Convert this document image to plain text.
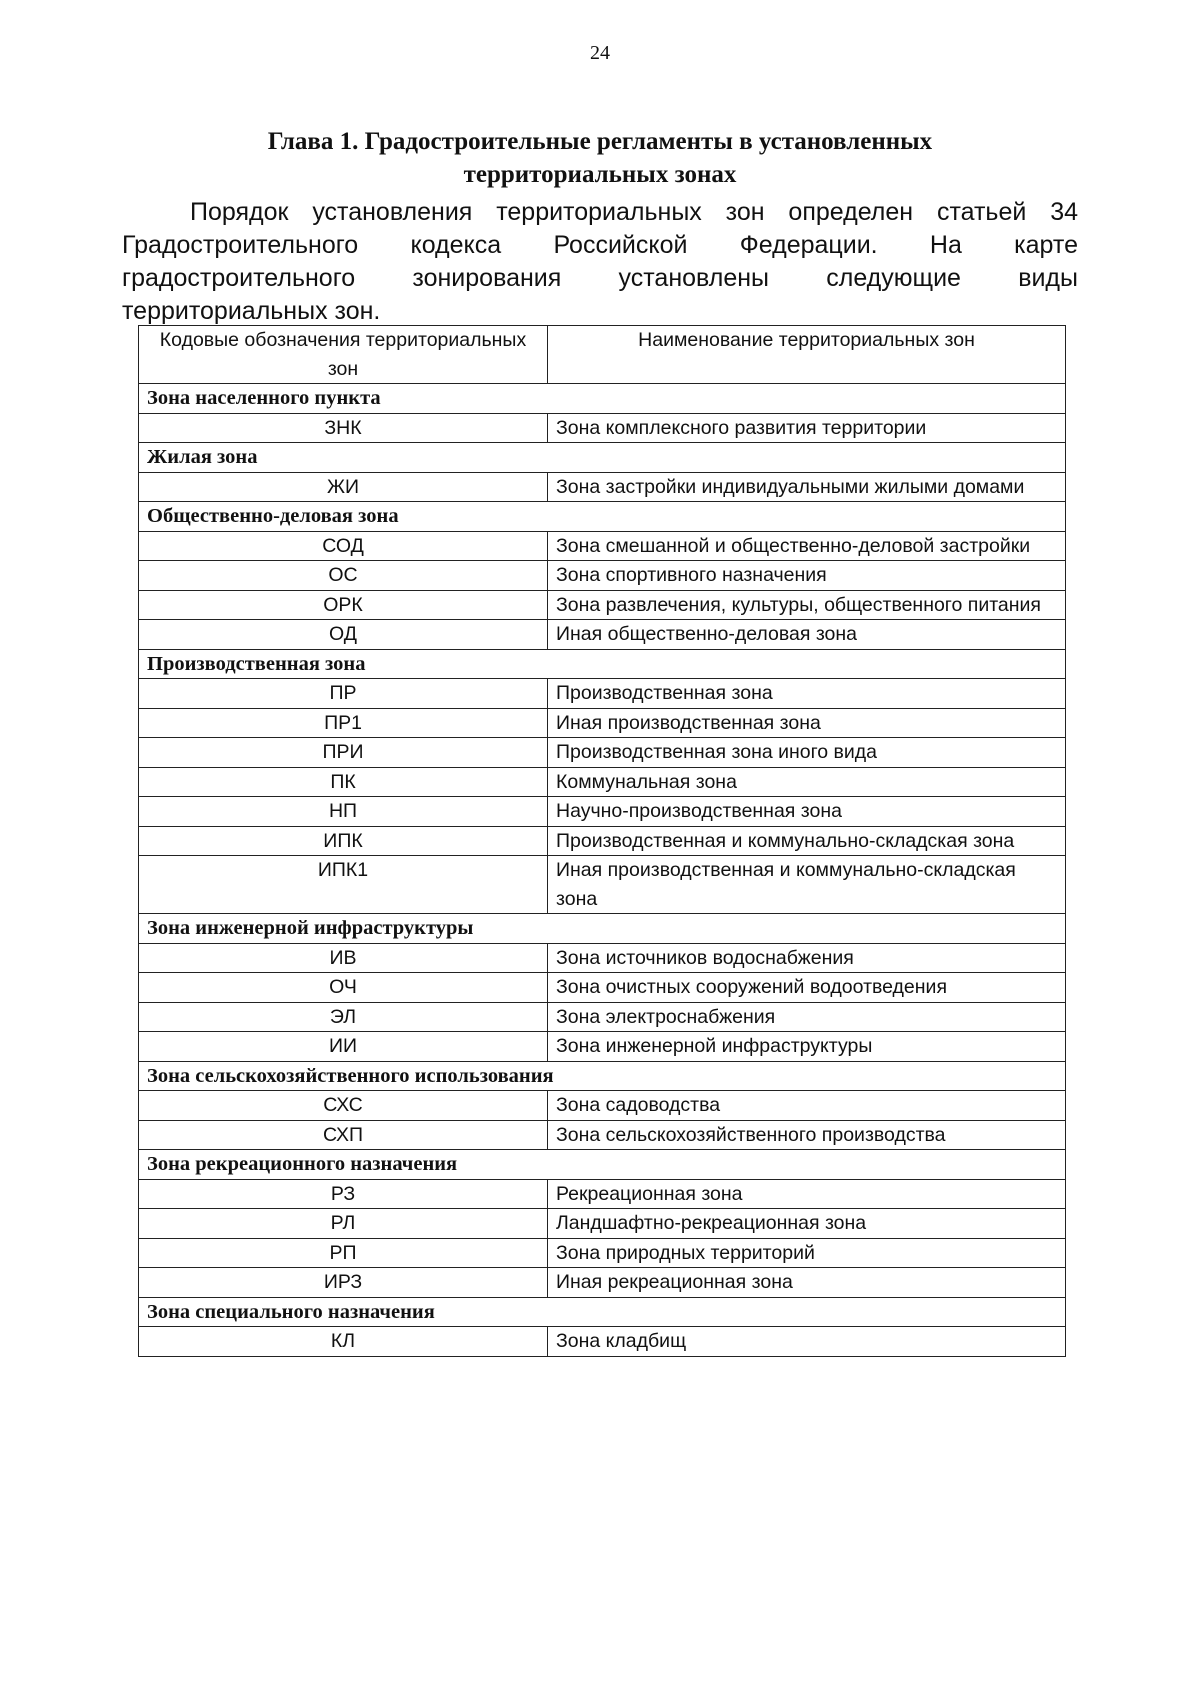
24
Глава 1. Градостроительные регламенты в установленных
территориальных зонах

Порядок установления территориальных зон определен статьей 34 Градостроительного кодекса Российской Федерации. На карте градостроительного зонирования установлены следующие виды территориальных зон.

Кодовые обозначения территориальных зон	Наименование территориальных зон
Зона населенного пункта	
ЗНК	Зона комплексного развития территории
Жилая зона	
ЖИ	Зона застройки индивидуальными жилыми домами
Общественно-деловая зона	
СОД	Зона смешанной и общественно-деловой застройки
ОС	Зона спортивного назначения
ОРК	Зона развлечения, культуры, общественного питания
ОД	Иная общественно-деловая зона
Производственная зона	
ПР	Производственная зона
ПР1	Иная производственная зона
ПРИ	Производственная зона иного вида
ПК	Коммунальная зона
НП	Научно-производственная зона
ИПК	Производственная и коммунально-складская зона
ИПК1	Иная производственная и коммунально-складская зона
Зона инженерной инфраструктуры	
ИВ	Зона источников водоснабжения
ОЧ	Зона очистных сооружений водоотведения
ЭЛ	Зона электроснабжения
ИИ	Зона инженерной инфраструктуры
Зона сельскохозяйственного использования	
СХС	Зона садоводства
СХП	Зона сельскохозяйственного производства
Зона рекреационного назначения	
РЗ	Рекреационная зона
РЛ	Ландшафтно-рекреационная зона
РП	Зона природных территорий
ИРЗ	Иная рекреационная зона
Зона специального назначения	
КЛ	Зона кладбищ
